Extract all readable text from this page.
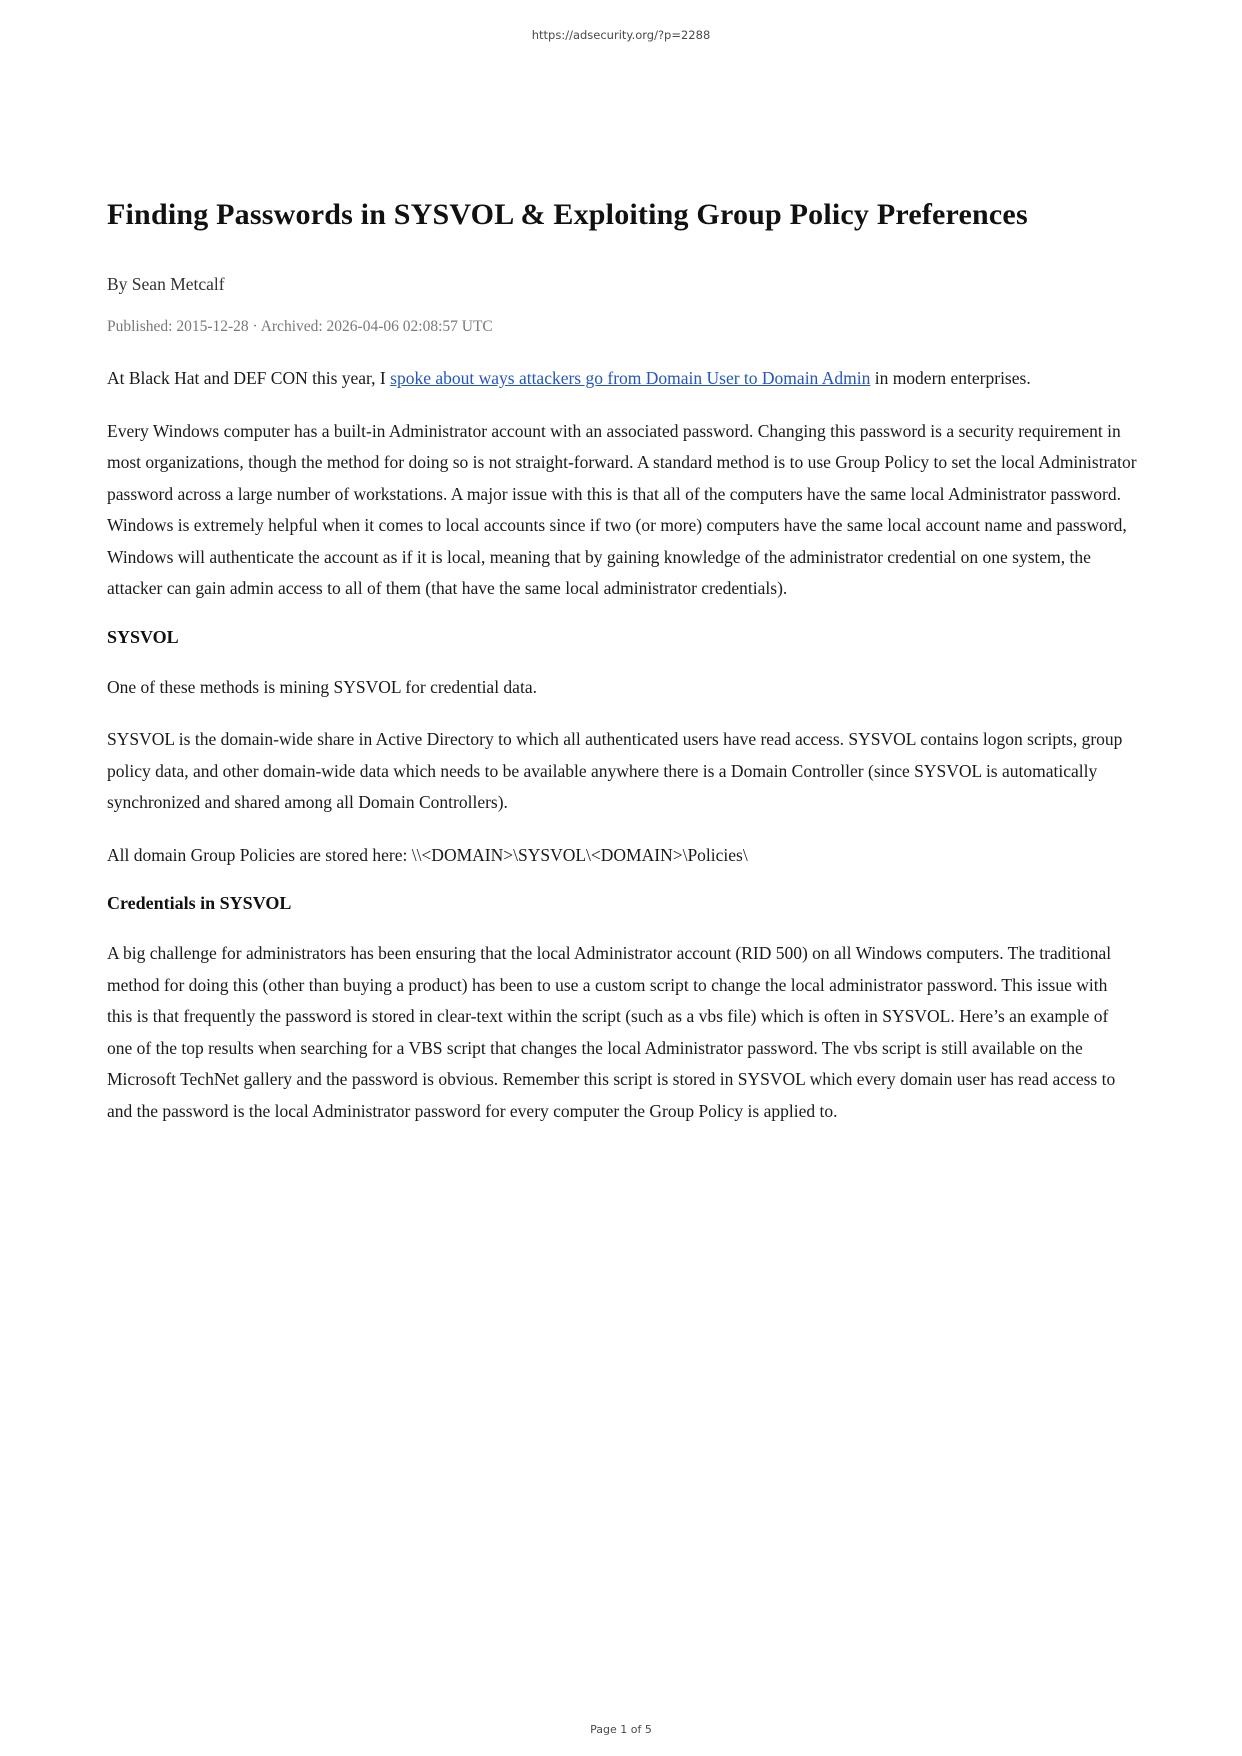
https://adsecurity.org/?p=2288
Finding Passwords in SYSVOL & Exploiting Group Policy Preferences
By Sean Metcalf
Published: 2015-12-28 · Archived: 2026-04-06 02:08:57 UTC

At Black Hat and DEF CON this year, I spoke about ways attackers go from Domain User to Domain Admin in modern enterprises.

Every Windows computer has a built-in Administrator account with an associated password. Changing this password is a security requirement in most organizations, though the method for doing so is not straight-forward. A standard method is to use Group Policy to set the local Administrator password across a large number of workstations. A major issue with this is that all of the computers have the same local Administrator password. Windows is extremely helpful when it comes to local accounts since if two (or more) computers have the same local account name and password, Windows will authenticate the account as if it is local, meaning that by gaining knowledge of the administrator credential on one system, the attacker can gain admin access to all of them (that have the same local administrator credentials).

SYSVOL

One of these methods is mining SYSVOL for credential data.

SYSVOL is the domain-wide share in Active Directory to which all authenticated users have read access. SYSVOL contains logon scripts, group policy data, and other domain-wide data which needs to be available anywhere there is a Domain Controller (since SYSVOL is automatically synchronized and shared among all Domain Controllers).

All domain Group Policies are stored here: \\<DOMAIN>\SYSVOL\<DOMAIN>\Policies\

Credentials in SYSVOL

A big challenge for administrators has been ensuring that the local Administrator account (RID 500) on all Windows computers. The traditional method for doing this (other than buying a product) has been to use a custom script to change the local administrator password. This issue with this is that frequently the password is stored in clear-text within the script (such as a vbs file) which is often in SYSVOL. Here’s an example of one of the top results when searching for a VBS script that changes the local Administrator password. The vbs script is still available on the Microsoft TechNet gallery and the password is obvious. Remember this script is stored in SYSVOL which every domain user has read access to and the password is the local Administrator password for every computer the Group Policy is applied to.

Page 1 of 5
